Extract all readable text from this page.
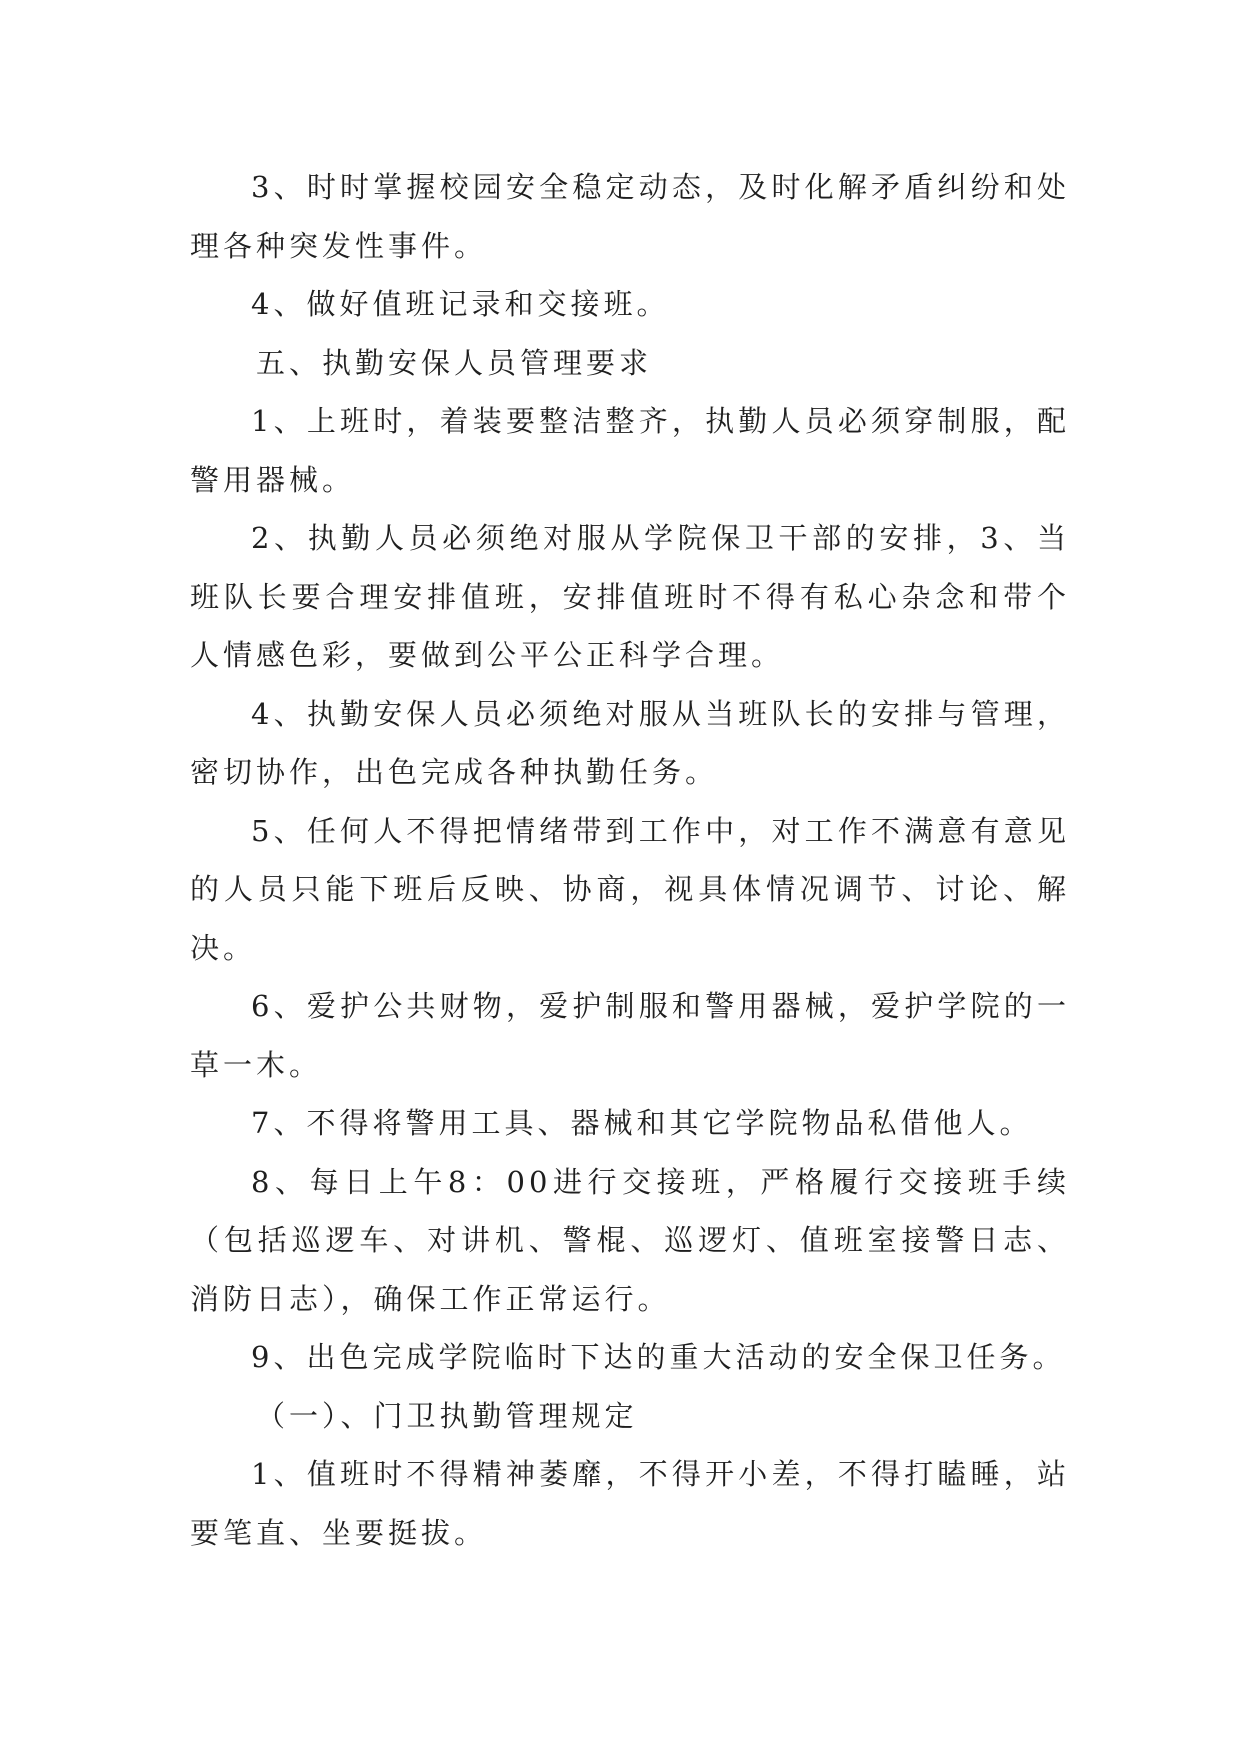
3、时时掌握校园安全稳定动态，及时化解矛盾纠纷和处理各种突发性事件。

4、做好值班记录和交接班。

五、执勤安保人员管理要求

1、上班时，着装要整洁整齐，执勤人员必须穿制服，配警用器械。

2、执勤人员必须绝对服从学院保卫干部的安排，3、当班队长要合理安排值班，安排值班时不得有私心杂念和带个人情感色彩，要做到公平公正科学合理。

4、执勤安保人员必须绝对服从当班队长的安排与管理，密切协作，出色完成各种执勤任务。

5、任何人不得把情绪带到工作中，对工作不满意有意见的人员只能下班后反映、协商，视具体情况调节、讨论、解决。

6、爱护公共财物，爱护制服和警用器械，爱护学院的一草一木。

7、不得将警用工具、器械和其它学院物品私借他人。

8、每日上午8：00进行交接班，严格履行交接班手续（包括巡逻车、对讲机、警棍、巡逻灯、值班室接警日志、消防日志），确保工作正常运行。

9、出色完成学院临时下达的重大活动的安全保卫任务。

（一）、门卫执勤管理规定

1、值班时不得精神萎靡，不得开小差，不得打瞌睡，站要笔直、坐要挺拔。
